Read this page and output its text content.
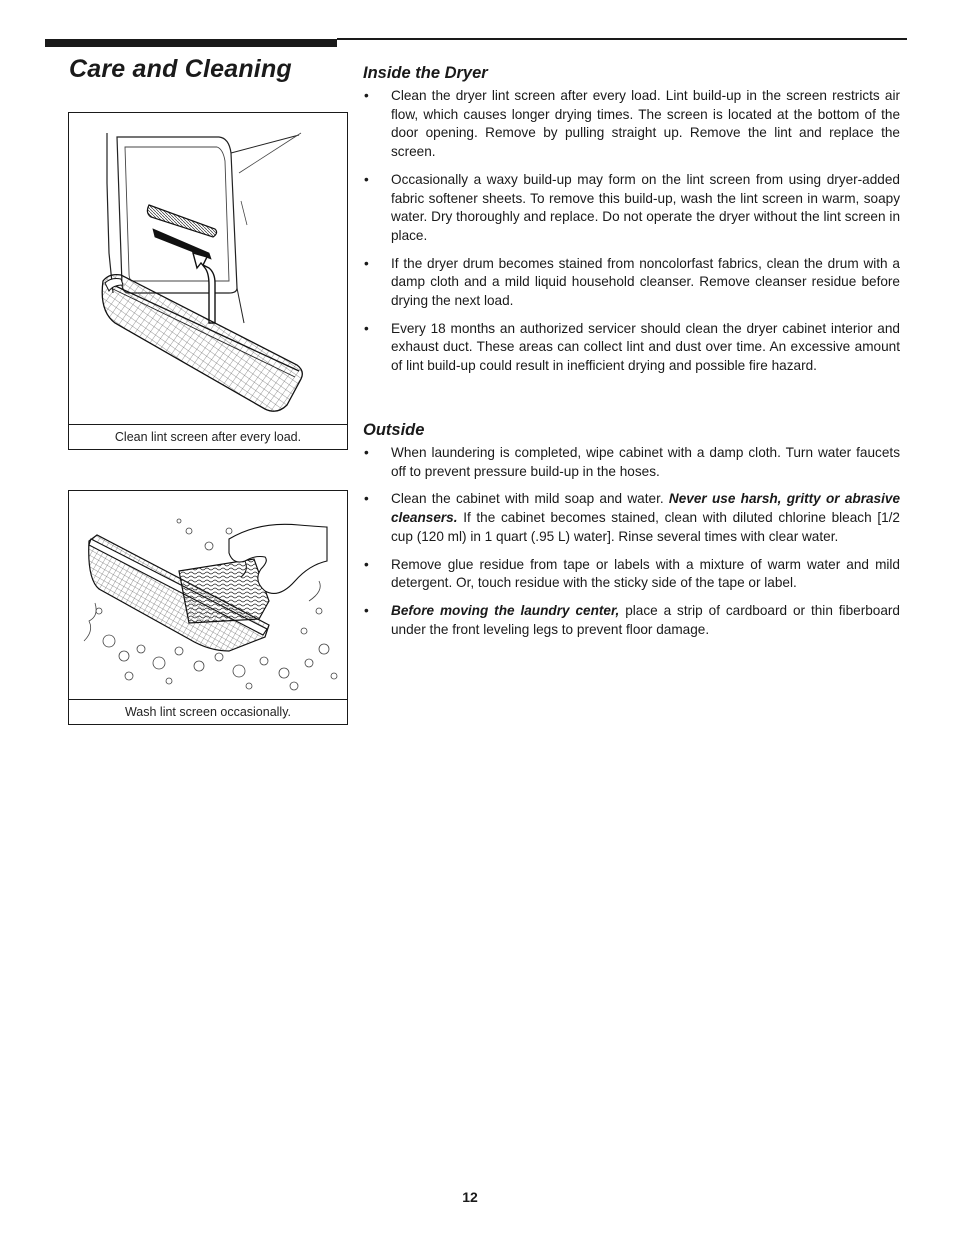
Care and Cleaning
Clean lint screen after every load.
Wash lint screen occasionally.
Inside the Dryer
• Clean the dryer lint screen after every load. Lint build-up in the screen restricts air flow, which causes longer drying times. The screen is located at the bottom of the door opening. Remove by pulling straight up. Remove the lint and replace the screen.
• Occasionally a waxy build-up may form on the lint screen from using dryer-added fabric softener sheets. To remove this build-up, wash the lint screen in warm, soapy water. Dry thoroughly and replace. Do not operate the dryer without the lint screen in place.
• If the dryer drum becomes stained from noncolorfast fabrics, clean the drum with a damp cloth and a mild liquid household cleanser. Remove cleanser residue before drying the next load.
• Every 18 months an authorized servicer should clean the dryer cabinet interior and exhaust duct. These areas can collect lint and dust over time. An excessive amount of lint build-up could result in inefficient drying and possible fire hazard.
Outside
• When laundering is completed, wipe cabinet with a damp cloth. Turn water faucets off to prevent pressure build-up in the hoses.
• Clean the cabinet with mild soap and water. Never use harsh, gritty or abrasive cleansers. If the cabinet becomes stained, clean with diluted chlorine bleach [1/2 cup (120 ml) in 1 quart (.95 L) water]. Rinse several times with clear water.
• Remove glue residue from tape or labels with a mixture of warm water and mild detergent. Or, touch residue with the sticky side of the tape or label.
• Before moving the laundry center, place a strip of cardboard or thin fiberboard under the front leveling legs to prevent floor damage.
12
